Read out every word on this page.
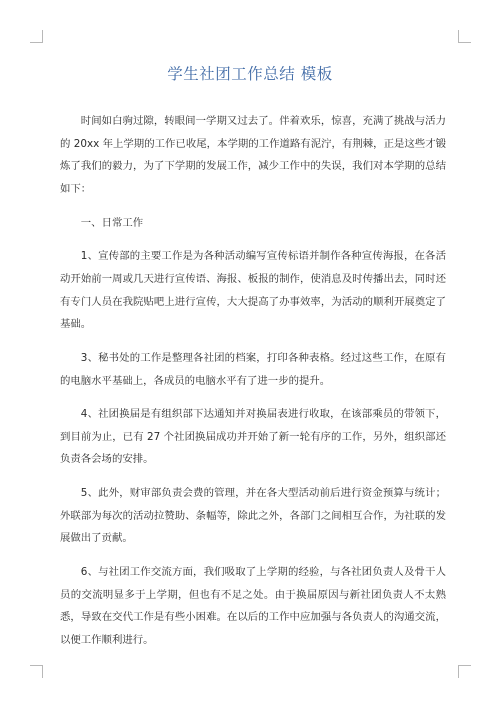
学生社团工作总结 模板

时间如白驹过隙，转眼间一学期又过去了。伴着欢乐，惊喜，充满了挑战与活力的 20xx 年上学期的工作已收尾，本学期的工作道路有泥泞，有荆棘，正是这些才锻炼了我们的毅力，为了下学期的发展工作，减少工作中的失误，我们对本学期的总结如下：

一、日常工作

1、宣传部的主要工作是为各种活动编写宣传标语并制作各种宣传海报，在各活动开始前一周或几天进行宣传语、海报、板报的制作，使消息及时传播出去，同时还有专门人员在我院贴吧上进行宣传，大大提高了办事效率，为活动的顺利开展奠定了基础。

3、秘书处的工作是整理各社团的档案，打印各种表格。经过这些工作，在原有的电脑水平基础上，各成员的电脑水平有了进一步的提升。

4、社团换届是有组织部下达通知并对换届表进行收取，在该部乘员的带领下，到目前为止，已有 27 个社团换届成功并开始了新一轮有序的工作，另外，组织部还负责各会场的安排。

5、此外，财审部负责会费的管理，并在各大型活动前后进行资金预算与统计；外联部为每次的活动拉赞助、条幅等，除此之外，各部门之间相互合作，为社联的发展做出了贡献。

6、与社团工作交流方面，我们吸取了上学期的经验，与各社团负责人及骨干人员的交流明显多于上学期，但也有不足之处。由于换届原因与新社团负责人不太熟悉，导致在交代工作是有些小困难。在以后的工作中应加强与各负责人的沟通交流，以便工作顺利进行。
